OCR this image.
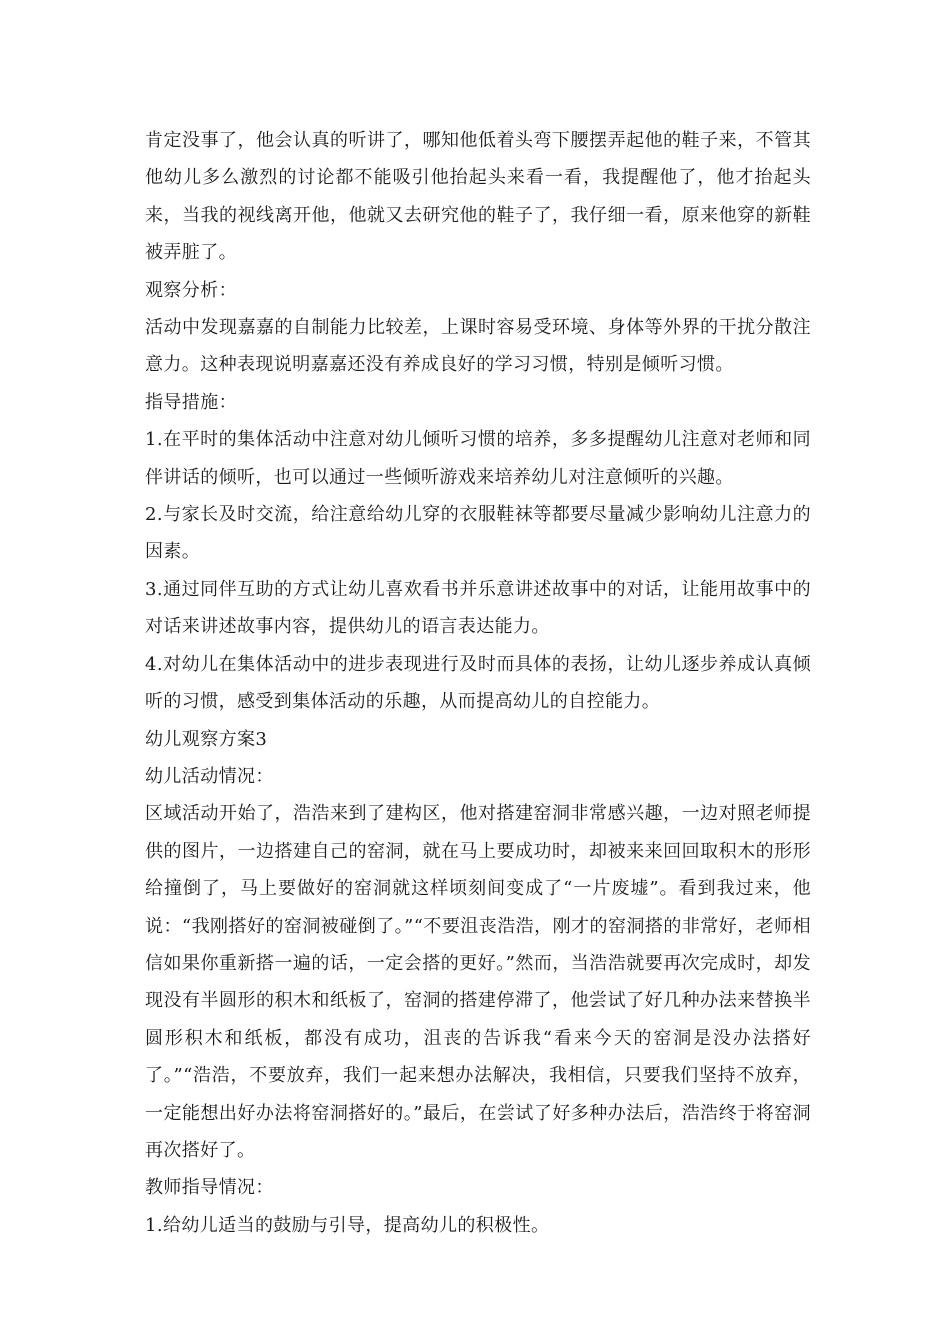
肯定没事了，他会认真的听讲了，哪知他低着头弯下腰摆弄起他的鞋子来，不管其他幼儿多么激烈的讨论都不能吸引他抬起头来看一看，我提醒他了，他才抬起头来，当我的视线离开他，他就又去研究他的鞋子了，我仔细一看，原来他穿的新鞋被弄脏了。

观察分析：

活动中发现嘉嘉的自制能力比较差，上课时容易受环境、身体等外界的干扰分散注意力。这种表现说明嘉嘉还没有养成良好的学习习惯，特别是倾听习惯。

指导措施：

1.在平时的集体活动中注意对幼儿倾听习惯的培养，多多提醒幼儿注意对老师和同伴讲话的倾听，也可以通过一些倾听游戏来培养幼儿对注意倾听的兴趣。

2.与家长及时交流，给注意给幼儿穿的衣服鞋袜等都要尽量减少影响幼儿注意力的因素。

3.通过同伴互助的方式让幼儿喜欢看书并乐意讲述故事中的对话，让能用故事中的对话来讲述故事内容，提供幼儿的语言表达能力。

4.对幼儿在集体活动中的进步表现进行及时而具体的表扬，让幼儿逐步养成认真倾听的习惯，感受到集体活动的乐趣，从而提高幼儿的自控能力。

幼儿观察方案3

幼儿活动情况：

区域活动开始了，浩浩来到了建构区，他对搭建窑洞非常感兴趣，一边对照老师提供的图片，一边搭建自己的窑洞，就在马上要成功时，却被来来回回取积木的形形给撞倒了，马上要做好的窑洞就这样顷刻间变成了“一片废墟”。看到我过来，他说：“我刚搭好的窑洞被碰倒了。”“不要沮丧浩浩，刚才的窑洞搭的非常好，老师相信如果你重新搭一遍的话，一定会搭的更好。”然而，当浩浩就要再次完成时，却发现没有半圆形的积木和纸板了，窑洞的搭建停滞了，他尝试了好几种办法来替换半圆形积木和纸板，都没有成功，沮丧的告诉我“看来今天的窑洞是没办法搭好了。”“浩浩，不要放弃，我们一起来想办法解决，我相信，只要我们坚持不放弃，一定能想出好办法将窑洞搭好的。”最后，在尝试了好多种办法后，浩浩终于将窑洞再次搭好了。

教师指导情况：

1.给幼儿适当的鼓励与引导，提高幼儿的积极性。
